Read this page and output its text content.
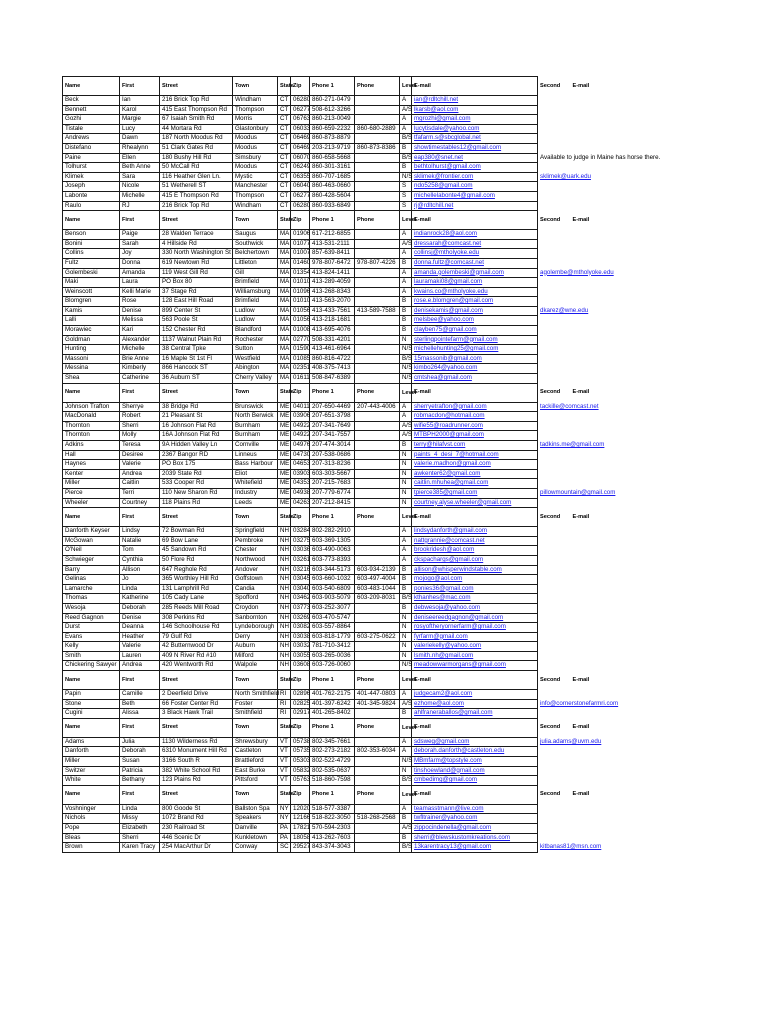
Name	First	Street	Town	State	Zip	Phone 1	Phone	Level	E-mail	Second	E-mail
Beck	Ian	216 Brick Top Rd	Windham	CT	06280	860-271-0479		A	ian@rdltchill.net		
Bennett	Karol	415 East Thompson Rd	Thompson	CT	06277	508-612-3266		A/S	lkarsb@aol.com		
Gozhi	Margie	67 Isaiah Smith Rd	Morris	CT	06763	860-213-0049		A	mgrozhi@gmail.com		
Tistale	Lucy	44 Mortara Rd	Glastonbury	CT	06033	860-659-2232	860-680-2889	A	lucytisdale@yahoo.com		
Andrews	Dawn	187 North Moodus Rd	Moodus	CT	06469	860-873-8879		B/S	tfafarm.s@sbcglobal.net		
Distefano	Rhealynn	51 Clark Gates Rd	Moodus	CT	06469	203-213-9719	860-873-8386	B	showtimestables12@gmail.com		
Paine	Ellen	180 Bushy Hill Rd	Simsbury	CT	06070	860-658-5668		B/S	eap380@snet.net	Available to judge in Maine has horse there.	
Tolhurst	Beth Anne	50 McCall Rd	Moodus	CT	06249	860-301-3161		B	bethtolhurst@gmail.com		
Klimek	Sara	116 Heather Glen Ln.	Mystic	CT	06355	860-707-1685		N/S	sklimek@frontier.com	sklimek@uark.edu	
Joseph	Nicole	51 Wetherell ST	Manchester	CT	06040	860-463-0660		S	ndo5258@gmail.com		
Labonte	Michelle	415 E Thompson Rd	Thompson	CT	06277	860-428-5604		S	michellelabonte4@gmail.com		
Raulo	RJ	216 Brick Top Rd	Windham	CT	06280	860-933-6849		S	rj@rdltchill.net		
Name	First	Street	Town	State	Zip	Phone 1	Phone	Level	E-mail	Second	E-mail
Benson	Paige	28 Walden Terrace	Saugus	MA	01906	617-212-6855		A	indianrock28@aol.com		
Bonini	Sarah	4 Hillside Rd	Southwick	MA	01077	413-531-2111		A/S	dressarah@comcast.net		
Collins	Joy	330 North Washington St	Belchertown	MA	01007	857-639-8411		A	collinsj@mtholyoke.edu		
Fultz	Donna	619 Newtown Rd	Littleton	MA	01460	978-807-6472	978-807-4226	B	donna.fultz@comcast.net		
Golembeski	Amanda	119 West Gill Rd	Gill	MA	01354	413-824-1411		A	amanda.golembeski@gmail.com	agolembe@mtholyoke.edu	
Maki	Laura	PO Box 80	Brimfield	MA	01010	413-289-4059		A	lauramaki08@gmail.com		
Weinscott	Kelli Marie	37 Stage Rd	Williamsburg	MA	01096	413-268-8343		A	kwains.co@mtholyoke.edu		
Blomgren	Rose	128 East Hill Road	Brimfield	MA	01010	413-563-2070		B	rose.e.blomgren@gmail.com		
Kamis	Denise	899 Center St	Ludlow	MA	01056	413-433-7561	413-589-7588	B	denisekamis@gmail.com	dkarez@wne.edu	
Lalli	Melissa	563 Poole St	Ludlow	MA	01056	413-218-1681		B	melsbee@yahoo.com		
Morawiec	Kari	152 Chester Rd	Blandford	MA	01008	413-695-4076		B	clayben75@gmail.com		
Goldman	Alexander	1137 Walnut Plain Rd	Rochester	MA	02770	508-331-4201		N	sterlingpointefarm@gmail.com		
Hunting	Michelle	38 Central Tpke	Sutton	MA	01590	413-461-6964		N/S	michellehunting25@gmail.com		
Massoni	Brie Anne	16 Maple St 1st Fl	Westfield	MA	01085	860-816-4722		B/S	15massonib@gmail.com		
Messina	Kimberly	866 Hancock ST	Abington	MA	02351	408-375-7413		N/S	kimbo264@yahoo.com		
Shea	Catherine	36 Auburn ST	Cherry Valley	MA	01611	508-847-6389		N/S	cmtshea@gmail.com		
Name	First	Street	Town	State	Zip	Phone 1	Phone	Level	E-mail	Second	E-mail
Johnson Trafton	Sherrye	38 Bridge Rd	Brunswick	ME	04011	207-650-4469	207-443-4006	A	sherryetrafton@gmail.com	tackille@comcast.net	
MacDonald	Robert	21 Pleasant St	North Berwick	ME	03906	207-651-3798		A	robmacdon@hotmail.com		
Thornton	Sherri	16 Johnson Flat Rd	Burnham	ME	04922	207-341-7649		A/S	wifie55@roadrunner.com		
Thornton	Molly	16A Johnson Flat Rd	Burnham	ME	04922	207-341-7557		A/S	MTBPH2000@gmail.com		
Adkins	Teresa	9A Hidden Valley Ln	Cornville	ME	04976	207-474-3014		B	terry@hilafvst.com	tadkins.me@gmail.com	
Hall	Desiree	2367 Bangor RD	Linneus	ME	04730	207-538-0686		N	paints_4_desi_7@hotmail.com		
Haynes	Valerie	PO Box 175	Bass Harbour	ME	04653	207-313-8236		N	valerie.madhon@gmail.com		
Kenter	Andrea	2039 State Rd	Eliot	ME	03903	603-303-5667		N	awkenter62@gmail.com		
Miller	Caitlin	533 Cooper Rd	Whitefield	ME	04353	207-215-7683		N	caitlin.mhuhea@gmail.com		
Pierce	Terri	110 New Sharon Rd	Industry	ME	04938	207-779-6774		N	tpierce385@gmail.com	pillowmountain@gmail.com	
Wheeler	Courtney	118 Plains Rd	Leeds	ME	04263	207-212-8415		N	courtney.alyse.wheeler@gmail.com		
Name	First	Street	Town	State	Zip	Phone 1	Phone	Level	E-mail	Second	E-mail
Danforth Keyser	Lindsy	72 Bowman Rd	Springfield	NH	03284	802-282-2910		A	lindsydanforth@gmail.com		
McGowan	Natalie	69 Bow Lane	Pembroke	NH	03275	603-369-1305		A	nattgrannie@comcast.net		
O'Neil	Tom	45 Sandown Rd	Chester	NH	03036	603-490-0063		A	brookridesh@aol.com		
Schwieger	Cynthia	50 Flore Rd	Northwood	NH	03261	603-773-8393		A	ckspachargs@gmail.com		
Barry	Allison	647 Reghole Rd	Andover	NH	03216	603-344-5173	603-934-2139	B	allison@whisperwindstable.com		
Gelinas	Jo	365 Worthley Hill Rd	Goffstown	NH	03045	603-660-1032	603-497-4004	B	mojogo@aol.com		
Lamarche	Linda	131 Lamphrill Rd	Candia	NH	03040	603-540-6809	603-483-1044	B	ponies36@gmail.com		
Thomas	Katherine	105 Cady Lane	Spofford	NH	03462	603-903-5079	603-209-8031	B/S	kthanhes@mac.com		
Wesoja	Deborah	285 Reeds Mill Road	Croydon	NH	03773	603-252-3077		B	debwesoja@yahoo.com		
Reed Gagnon	Denise	308 Perkins Rd	Sanbornton	NH	03269	603-470-5747		N	deniseereedgagnon@gmail.com		
Durst	Deanna	146 Schoolhouse Rd	Lyndeborough	NH	03082	603-557-8864		N	rosyoftheryornerfarm@gmail.com		
Evans	Heather	79 Gulf Rd	Derry	NH	03038	603-818-1779	603-275-0622	N	fyrfarm@gmail.com		
Kelly	Valerie	42 Butternwood Dr	Auburn	NH	03032	781-710-3412		N	valeriekelly@yahoo.com		
Smith	Lauren	409 N River Rd #10	Milford	NH	03055	603-265-0036		N	lsmith.nh@gmail.com		
Chickering Sawyer	Andrea	420 Wentworth Rd	Walpole	NH	03608	603-726-0060		N/S	meadowwarmorgans@gmail.com		
Name	First	Street	Town	State	Zip	Phone 1	Phone	Level	E-mail	Second	E-mail
Papin	Camille	2 Deerfield Drive	North Smithfield	RI	02896	401-762-2175	401-447-0803	A	judgecam2@aol.com		
Stone	Beth	66 Foster Center Rd	Foster	RI	02825	401-397-6242	401-345-9824	A/S	ezhome@aol.com	info@cornerstonefarmri.com	
Cugini	Alissa	3 Black Hawk Trail	Smithfield	RI	02917	401-265-8402		B	ahlfraneraballos@gmail.com		
Name	First	Street	Town	State	Zip	Phone 1	Phone	Level	E-mail	Second	E-mail
Adams	Julia	1130 Wilderness Rd	Shrewsbury	VT	05738	802-345-7661		A	sdsweg@gmail.com	julia.adams@uvm.edu	
Danforth	Deborah	6310 Monument Hill Rd	Castleton	VT	05735	802-273-2182	802-353-6034	A	deborah.danforth@castleton.edu		
Miller	Susan	3166 South R	Brattleford	VT	05303	802-522-4729		N/S	MBmfarm@topstyle.com		
Switzer	Patricia	382 White School Rd	East Burke	VT	05832	802-535-0637		N	tinshoewland@gmail.com		
White	Bethany	123 Plains Rd	Pittsford	VT	05763	518-860-7598		B/S	cmbedimg@gmail.com		
Name	First	Street	Town	State	Zip	Phone 1	Phone	Level	E-mail	Second	E-mail
Voshninger	Linda	800 Goode St	Ballston Spa	NY	12020	518-577-3387		A	teamasstmann@live.com		
Nichols	Missy	1072 Brand Rd	Speakers	NY	12166	518-822-3050	518-268-2568	B	twfltrainer@yahoo.com		
Pope	Elizabeth	230 Railroad St	Danville	PA	17821	570-594-2303		A/S	zippocindenella@gmail.com		
Bleas	Sherri	446 Scenic Dr	Kunkletown	PA	18058	413-262-7603		B	sherri@blewskustomkreations.com		
Brown	Karen Tracy	254 MacArthur Dr	Conway	SC	29527	843-374-3043		B/S	13karentracy13@gmail.com	kitbanas81@msn.com	
